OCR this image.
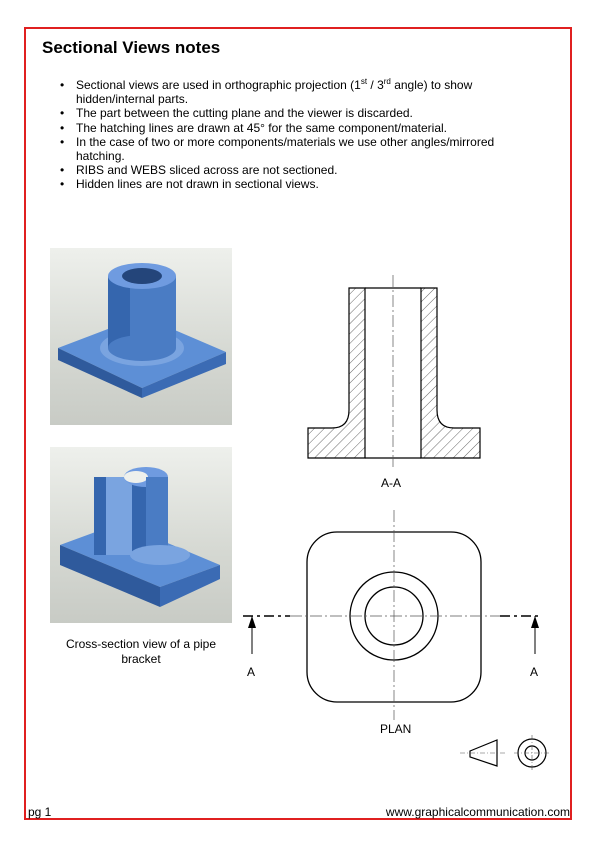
Sectional Views notes
• Sectional views are used in orthographic projection (1st / 3rd angle) to show hidden/internal parts.
• The part between the cutting plane and the viewer is discarded.
• The hatching lines are drawn at 45° for the same component/material.
• In the case of two or more components/materials we use other angles/mirrored hatching.
• RIBS and WEBS sliced across are not sectioned.
• Hidden lines are not drawn in sectional views.
Cross-section view of a pipe bracket
A-A
PLAN
A	A
pg 1	www.graphicalcommunication.com
